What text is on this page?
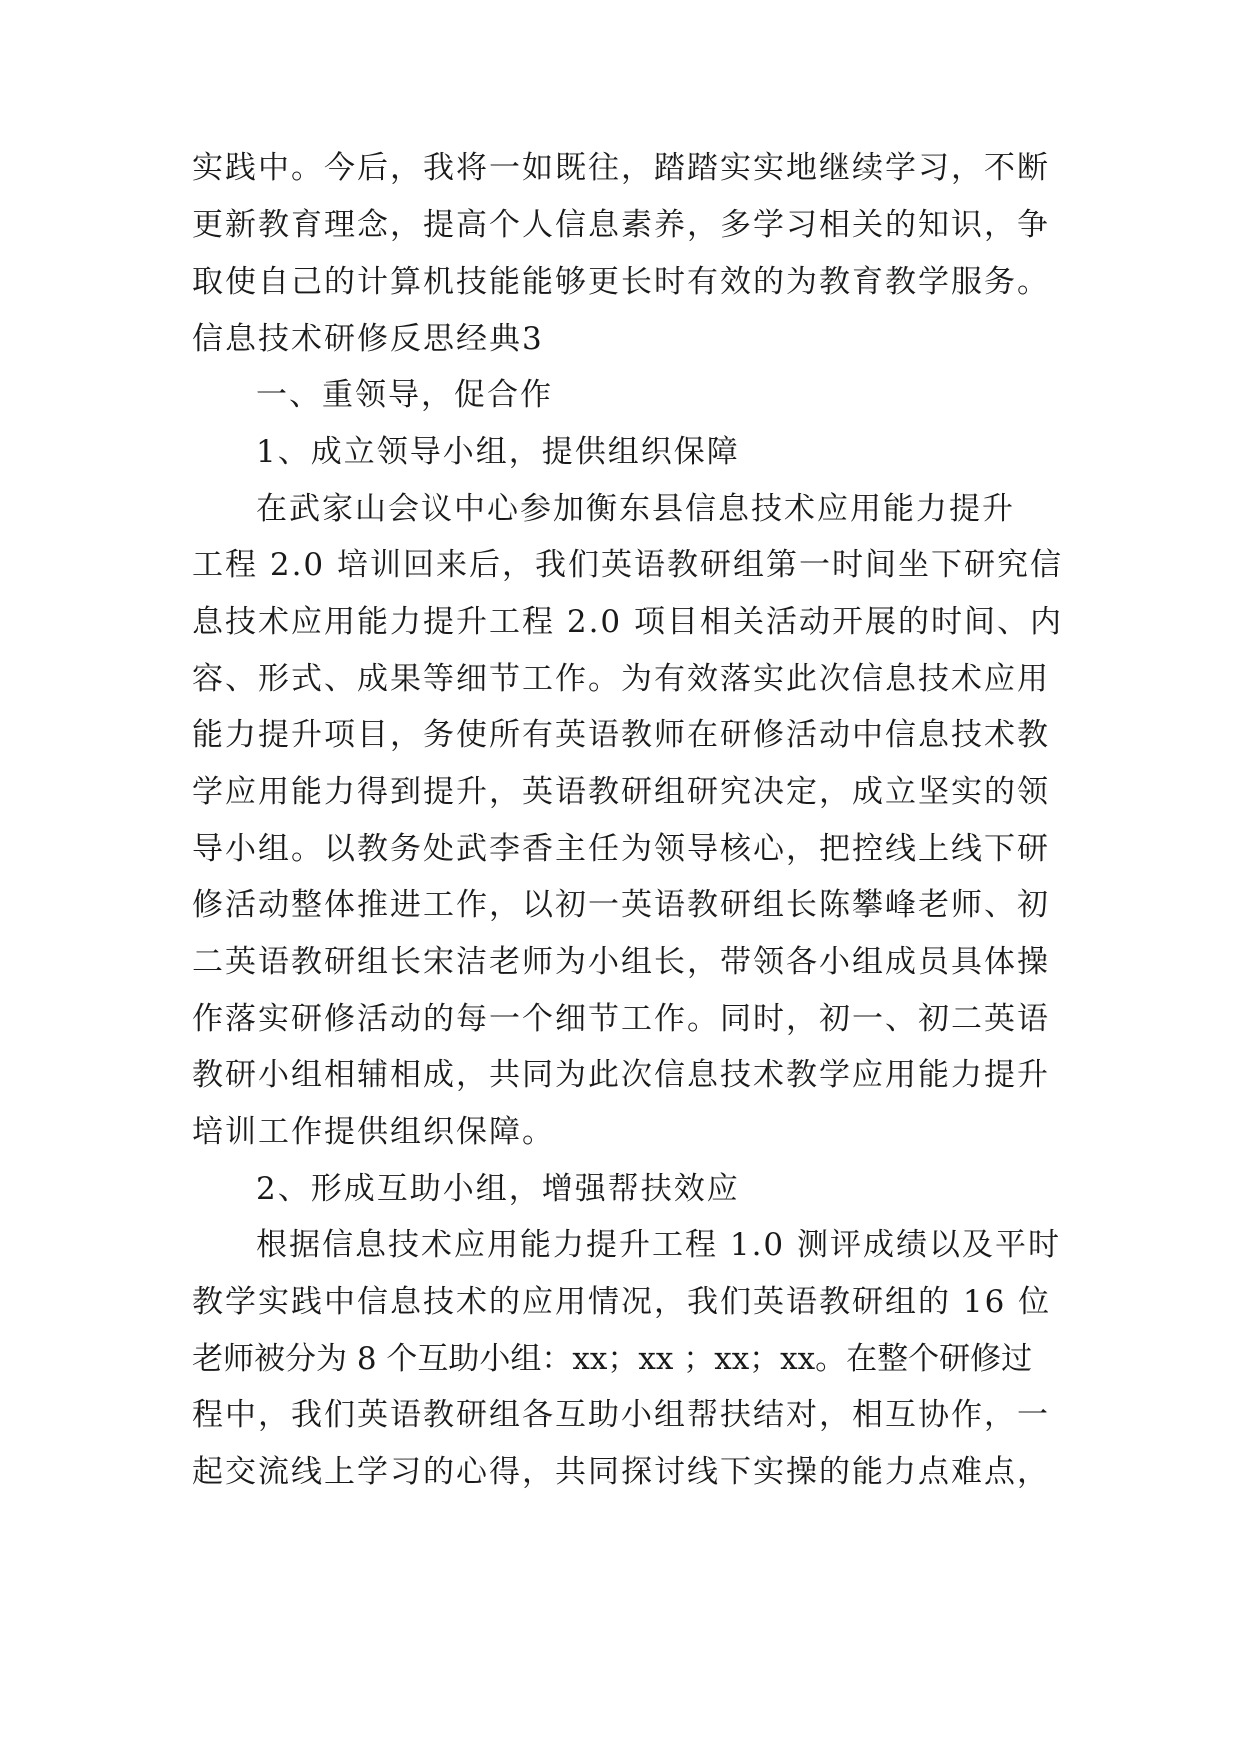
实践中。今后，我将一如既往，踏踏实实地继续学习，不断
更新教育理念，提高个人信息素养，多学习相关的知识，争
取使自己的计算机技能能够更长时有效的为教育教学服务。
信息技术研修反思经典3
一、重领导，促合作
1、成立领导小组，提供组织保障
在武家山会议中心参加衡东县信息技术应用能力提升
工程 2.0 培训回来后，我们英语教研组第一时间坐下研究信
息技术应用能力提升工程 2.0 项目相关活动开展的时间、内
容、形式、成果等细节工作。为有效落实此次信息技术应用
能力提升项目，务使所有英语教师在研修活动中信息技术教
学应用能力得到提升，英语教研组研究决定，成立坚实的领
导小组。以教务处武李香主任为领导核心，把控线上线下研
修活动整体推进工作，以初一英语教研组长陈攀峰老师、初
二英语教研组长宋洁老师为小组长，带领各小组成员具体操
作落实研修活动的每一个细节工作。同时，初一、初二英语
教研小组相辅相成，共同为此次信息技术教学应用能力提升
培训工作提供组织保障。
2、形成互助小组，增强帮扶效应
根据信息技术应用能力提升工程 1.0 测评成绩以及平时
教学实践中信息技术的应用情况，我们英语教研组的 16 位
老师被分为 8 个互助小组：xx；xx ；xx；xx。在整个研修过
程中，我们英语教研组各互助小组帮扶结对，相互协作，一
起交流线上学习的心得，共同探讨线下实操的能力点难点，
